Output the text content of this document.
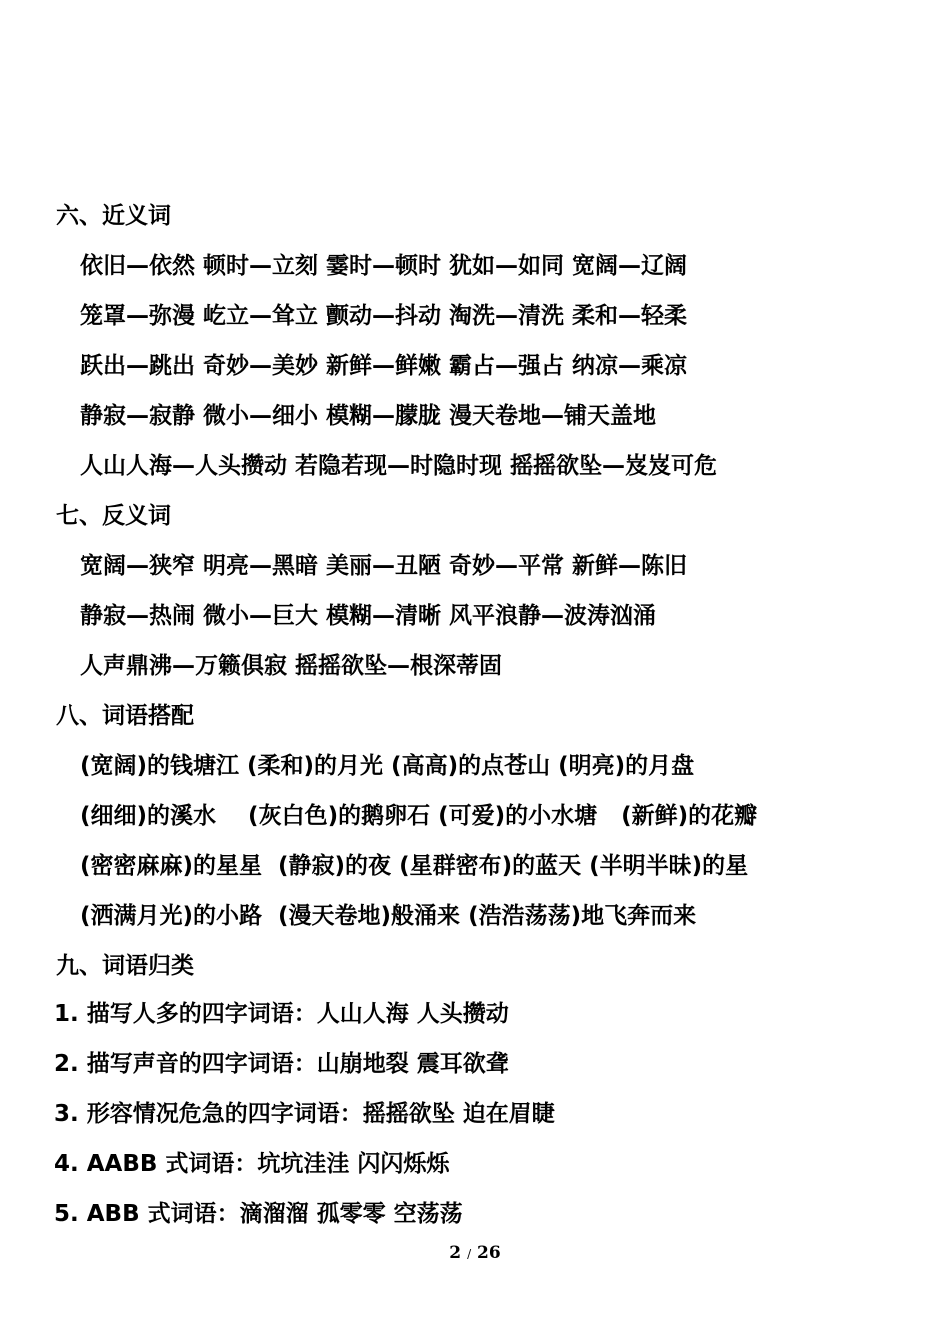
六、近义词
依旧—依然 顿时—立刻 霎时—顿时 犹如—如同 宽阔—辽阔
笼罩—弥漫 屹立—耸立 颤动—抖动 淘洗—清洗 柔和—轻柔
跃出—跳出 奇妙—美妙 新鲜—鲜嫩 霸占—强占 纳凉—乘凉
静寂—寂静 微小—细小 模糊—朦胧 漫天卷地—铺天盖地
人山人海—人头攒动 若隐若现—时隐时现 摇摇欲坠—岌岌可危
七、反义词
宽阔—狭窄 明亮—黑暗 美丽—丑陋 奇妙—平常 新鲜—陈旧
静寂—热闹 微小—巨大 模糊—清晰 风平浪静—波涛汹涌
人声鼎沸—万籁俱寂 摇摇欲坠—根深蒂固
八、词语搭配
(宽阔)的钱塘江 (柔和)的月光 (高高)的点苍山 (明亮)的月盘
(细细)的溪水    (灰白色)的鹅卵石 (可爱)的小水塘   (新鲜)的花瓣
(密密麻麻)的星星  (静寂)的夜 (星群密布)的蓝天 (半明半昧)的星
(洒满月光)的小路  (漫天卷地)般涌来 (浩浩荡荡)地飞奔而来
九、词语归类
1. 描写人多的四字词语：人山人海 人头攒动
2. 描写声音的四字词语：山崩地裂 震耳欲聋
3. 形容情况危急的四字词语：摇摇欲坠 迫在眉睫
4. AABB 式词语：坑坑洼洼 闪闪烁烁
5. ABB 式词语：滴溜溜 孤零零 空荡荡
2 / 26
